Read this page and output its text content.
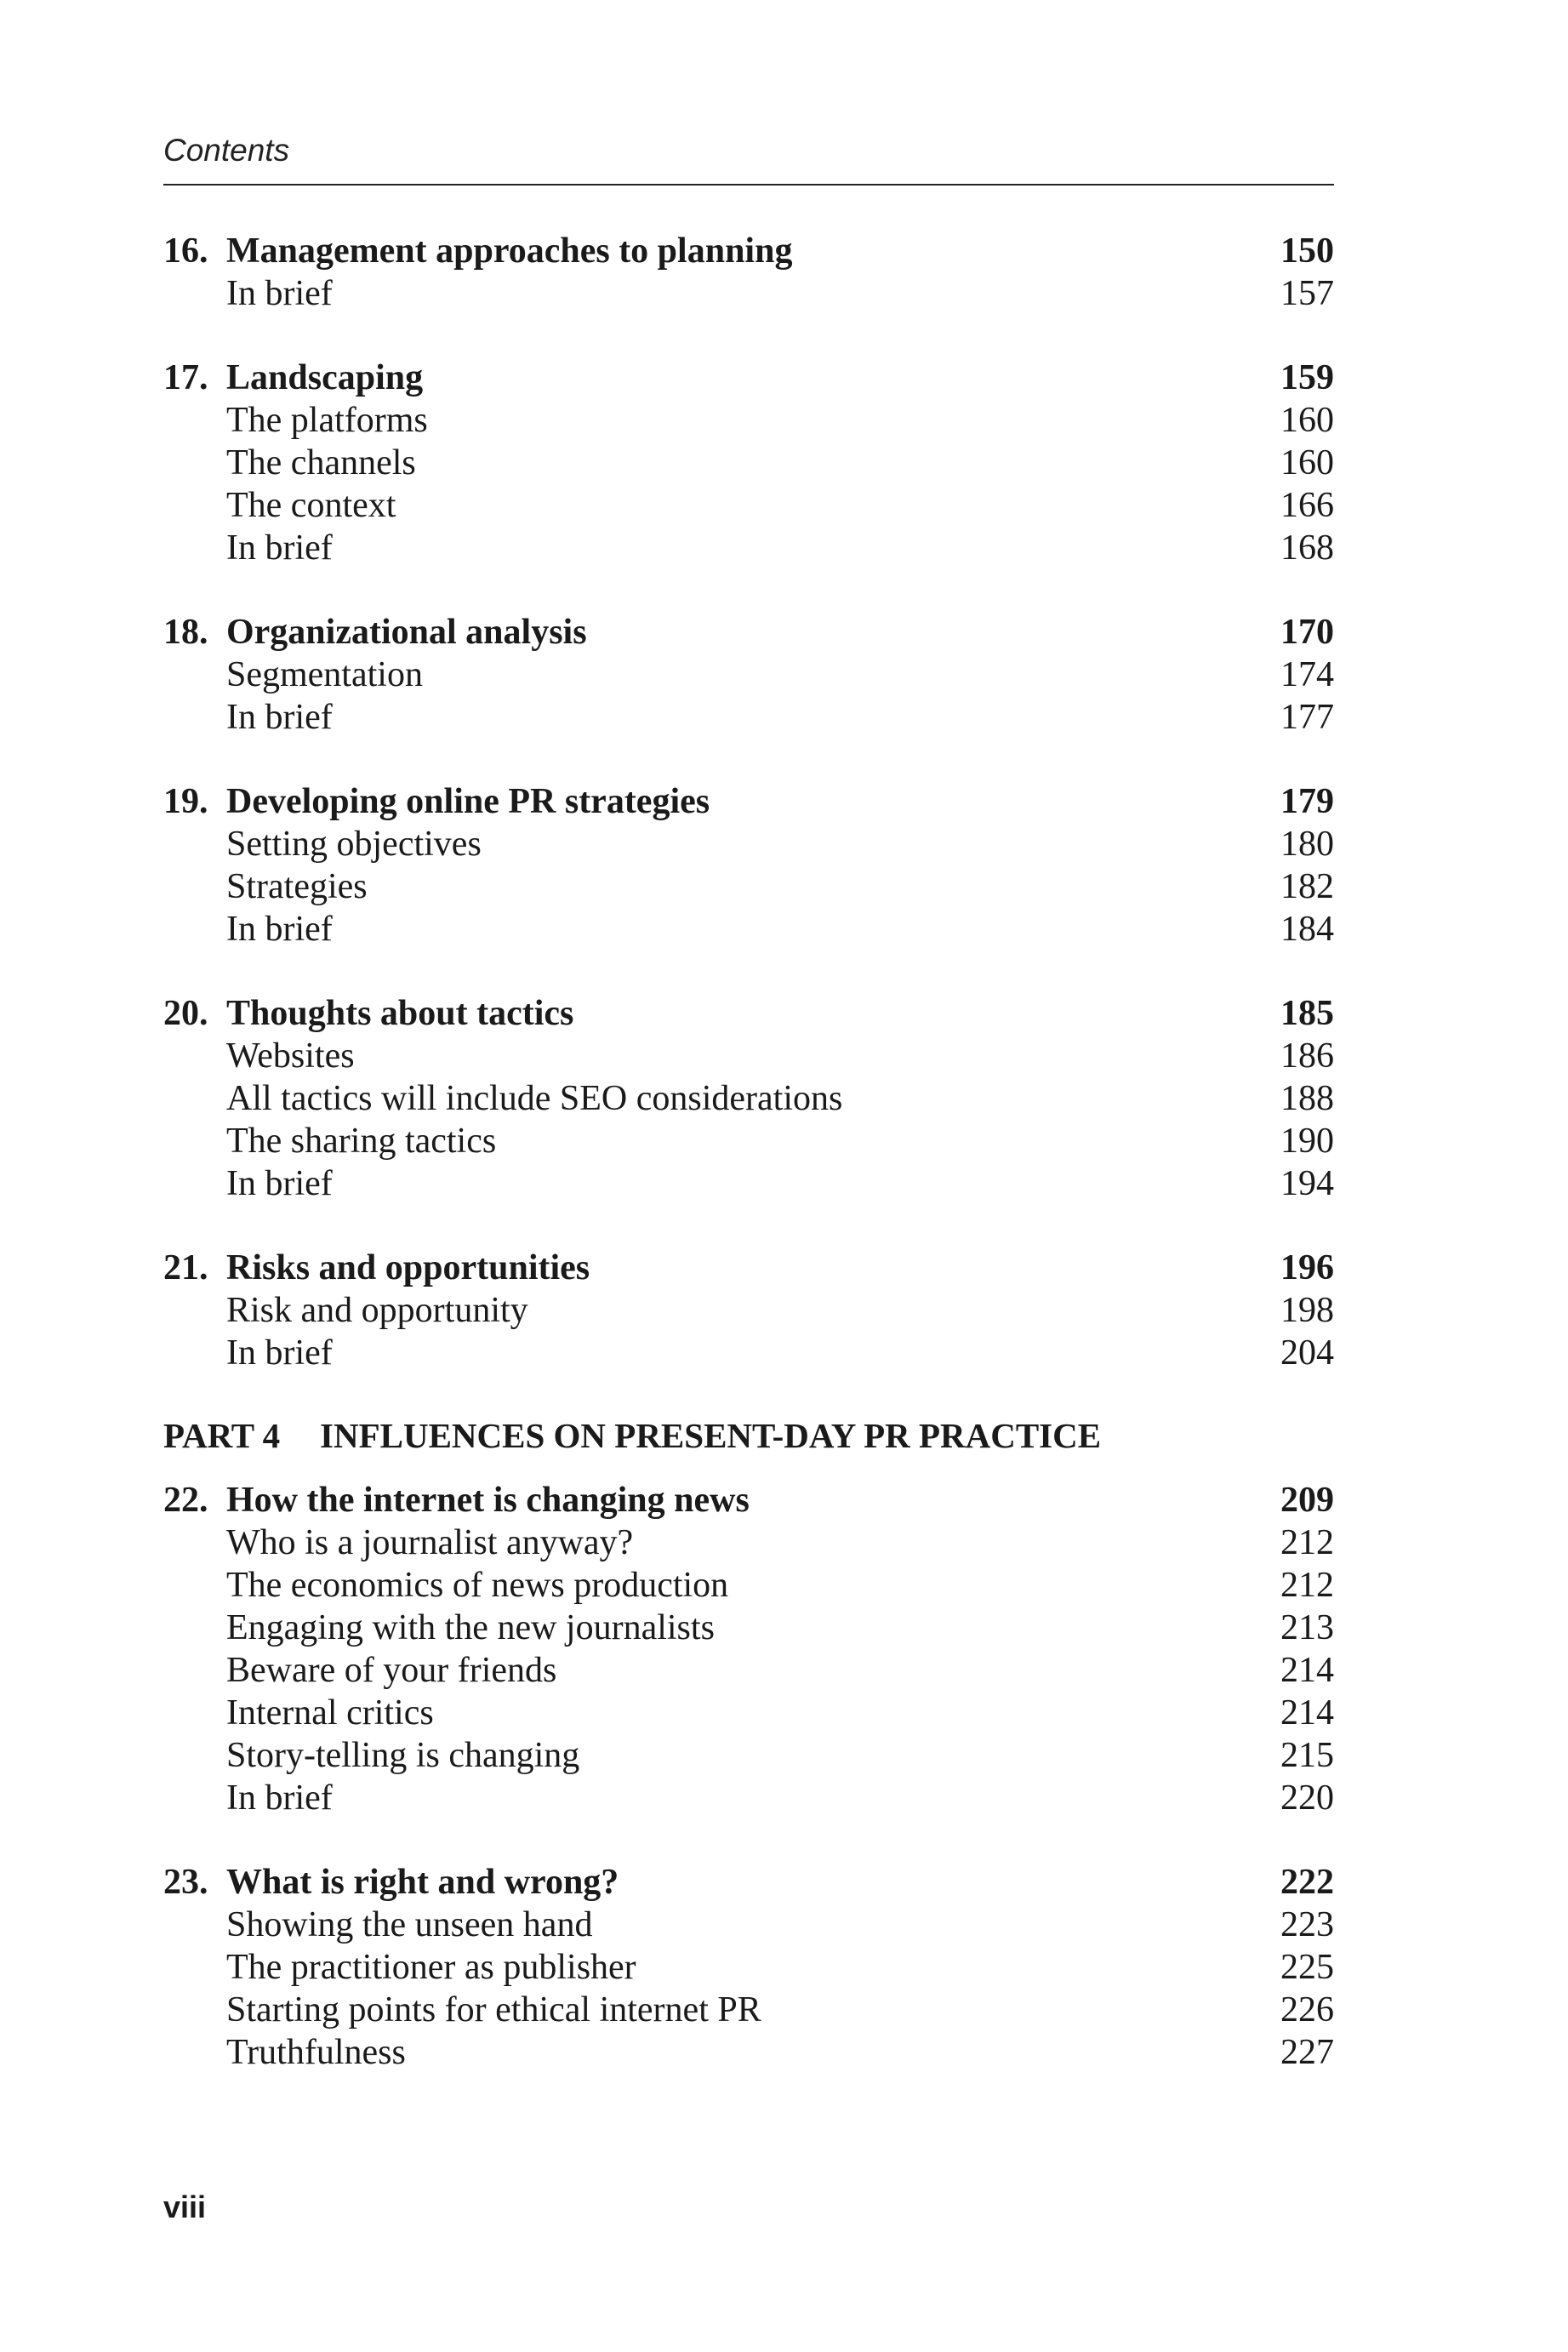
Contents
16. Management approaches to planning	150
In brief	157
17. Landscaping	159
The platforms	160
The channels	160
The context	166
In brief	168
18. Organizational analysis	170
Segmentation	174
In brief	177
19. Developing online PR strategies	179
Setting objectives	180
Strategies	182
In brief	184
20. Thoughts about tactics	185
Websites	186
All tactics will include SEO considerations	188
The sharing tactics	190
In brief	194
21. Risks and opportunities	196
Risk and opportunity	198
In brief	204
PART 4 INFLUENCES ON PRESENT-DAY PR PRACTICE
22. How the internet is changing news	209
Who is a journalist anyway?	212
The economics of news production	212
Engaging with the new journalists	213
Beware of your friends	214
Internal critics	214
Story-telling is changing	215
In brief	220
23. What is right and wrong?	222
Showing the unseen hand	223
The practitioner as publisher	225
Starting points for ethical internet PR	226
Truthfulness	227
viii
